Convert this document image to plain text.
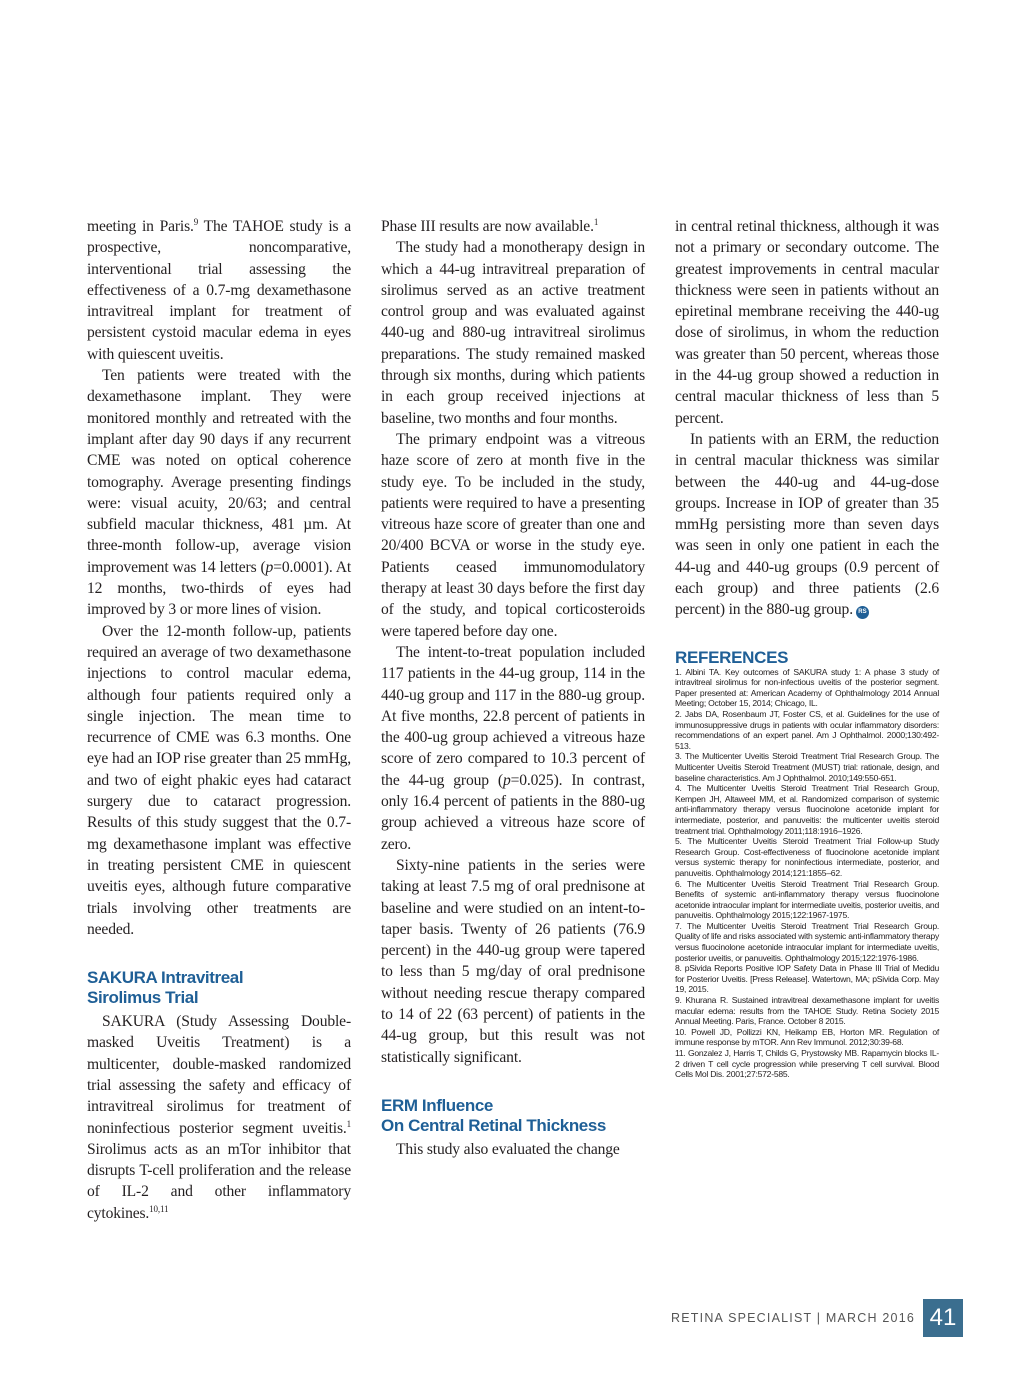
meeting in Paris.$^9$ The TAHOE study is a prospective, noncomparative, interventional trial assessing the effectiveness of a 0.7-mg dexamethasone intravitreal implant for treatment of persistent cystoid macular edema in eyes with quiescent uveitis.

Ten patients were treated with the dexamethasone implant. They were monitored monthly and retreated with the implant after day 90 days if any recurrent CME was noted on optical coherence tomography. Average presenting findings were: visual acuity, 20/63; and central subfield macular thickness, 481 µm. At three-month follow-up, average vision improvement was 14 letters (p=0.0001). At 12 months, two-thirds of eyes had improved by 3 or more lines of vision.

Over the 12-month follow-up, patients required an average of two dexamethasone injections to control macular edema, although four patients required only a single injection. The mean time to recurrence of CME was 6.3 months. One eye had an IOP rise greater than 25 mmHg, and two of eight phakic eyes had cataract surgery due to cataract progression. Results of this study suggest that the 0.7-mg dexamethasone implant was effective in treating persistent CME in quiescent uveitis eyes, although future comparative trials involving other treatments are needed.

SAKURA Intravitreal
Sirolimus Trial

SAKURA (Study Assessing Double-masked Uveitis Treatment) is a multicenter, double-masked randomized trial assessing the safety and efficacy of intravitreal sirolimus for treatment of noninfectious posterior segment uveitis.$^1$ Sirolimus acts as an mTor inhibitor that disrupts T-cell proliferation and the release of IL-2 and other inflammatory cytokines.$^{10,11}$

Phase III results are now available.$^1$

The study had a monotherapy design in which a 44-ug intravitreal preparation of sirolimus served as an active treatment control group and was evaluated against 440-ug and 880-ug intravitreal sirolimus preparations. The study remained masked through six months, during which patients in each group received injections at baseline, two months and four months.

The primary endpoint was a vitreous haze score of zero at month five in the study eye. To be included in the study, patients were required to have a presenting vitreous haze score of greater than one and 20/400 BCVA or worse in the study eye. Patients ceased immunomodulatory therapy at least 30 days before the first day of the study, and topical corticosteroids were tapered before day one.

The intent-to-treat population included 117 patients in the 44-ug group, 114 in the 440-ug group and 117 in the 880-ug group. At five months, 22.8 percent of patients in the 400-ug group achieved a vitreous haze score of zero compared to 10.3 percent of the 44-ug group (p=0.025). In contrast, only 16.4 percent of patients in the 880-ug group achieved a vitreous haze score of zero.

Sixty-nine patients in the series were taking at least 7.5 mg of oral prednisone at baseline and were studied on an intent-to-taper basis. Twenty of 26 patients (76.9 percent) in the 440-ug group were tapered to less than 5 mg/day of oral prednisone without needing rescue therapy compared to 14 of 22 (63 percent) of patients in the 44-ug group, but this result was not statistically significant.

ERM Influence
On Central Retinal Thickness

This study also evaluated the change

in central retinal thickness, although it was not a primary or secondary outcome. The greatest improvements in central macular thickness were seen in patients without an epiretinal membrane receiving the 440-ug dose of sirolimus, in whom the reduction was greater than 50 percent, whereas those in the 44-ug group showed a reduction in central macular thickness of less than 5 percent.

In patients with an ERM, the reduction in central macular thickness was similar between the 440-ug and 44-ug-dose groups. Increase in IOP of greater than 35 mmHg persisting more than seven days was seen in only one patient in each the 44-ug and 440-ug groups (0.9 percent of each group) and three patients (2.6 percent) in the 880-ug group. RS

REFERENCES
1. Albini TA. Key outcomes of SAKURA study 1: A phase 3 study of intravitreal sirolimus for non-infectious uveitis of the posterior segment. Paper presented at: American Academy of Ophthalmology 2014 Annual Meeting; October 15, 2014; Chicago, IL.
2. Jabs DA, Rosenbaum JT, Foster CS, et al. Guidelines for the use of immunosuppressive drugs in patients with ocular inflammatory disorders: recommendations of an expert panel. Am J Ophthalmol. 2000;130:492-513.
3. The Multicenter Uveitis Steroid Treatment Trial Research Group. The Multicenter Uveitis Steroid Treatment (MUST) trial: rationale, design, and baseline characteristics. Am J Ophthalmol. 2010;149:550-651.
4. The Multicenter Uveitis Steroid Treatment Trial Research Group, Kempen JH, Altaweel MM, et al. Randomized comparison of systemic anti-inflammatory therapy versus fluocinolone acetonide implant for intermediate, posterior, and panuveitis: the multicenter uveitis steroid treatment trial. Ophthalmology 2011;118:1916–1926.
5. The Multicenter Uveitis Steroid Treatment Trial Follow-up Study Research Group. Cost-effectiveness of fluocinolone acetonide implant versus systemic therapy for noninfectious intermediate, posterior, and panuveitis. Ophthalmology 2014;121:1855–62.
6. The Multicenter Uveitis Steroid Treatment Trial Research Group. Benefits of systemic anti-inflammatory therapy versus fluocinolone acetonide intraocular implant for intermediate uveitis, posterior uveitis, and panuveitis. Ophthalmology 2015;122:1967-1975.
7. The Multicenter Uveitis Steroid Treatment Trial Research Group. Quality of life and risks associated with systemic anti-inflammatory therapy versus fluocinolone acetonide intraocular implant for intermediate uveitis, posterior uveitis, or panuveitis. Ophthalmology 2015;122:1976-1986.
8. pSivida Reports Positive IOP Safety Data in Phase III Trial of Medidu for Posterior Uveitis. [Press Release]. Watertown, MA; pSivida Corp. May 19, 2015.
9. Khurana R. Sustained intravitreal dexamethasone implant for uveitis macular edema: results from the TAHOE Study. Retina Society 2015 Annual Meeting. Paris, France. October 8 2015.
10. Powell JD, Pollizzi KN, Heikamp EB, Horton MR. Regulation of immune response by mTOR. Ann Rev Immunol. 2012;30:39-68.
11. Gonzalez J, Harris T, Childs G, Prystowsky MB. Rapamycin blocks IL-2 driven T cell cycle progression while preserving T cell survival. Blood Cells Mol Dis. 2001;27:572-585.
RETINA SPECIALIST | MARCH 2016 41
